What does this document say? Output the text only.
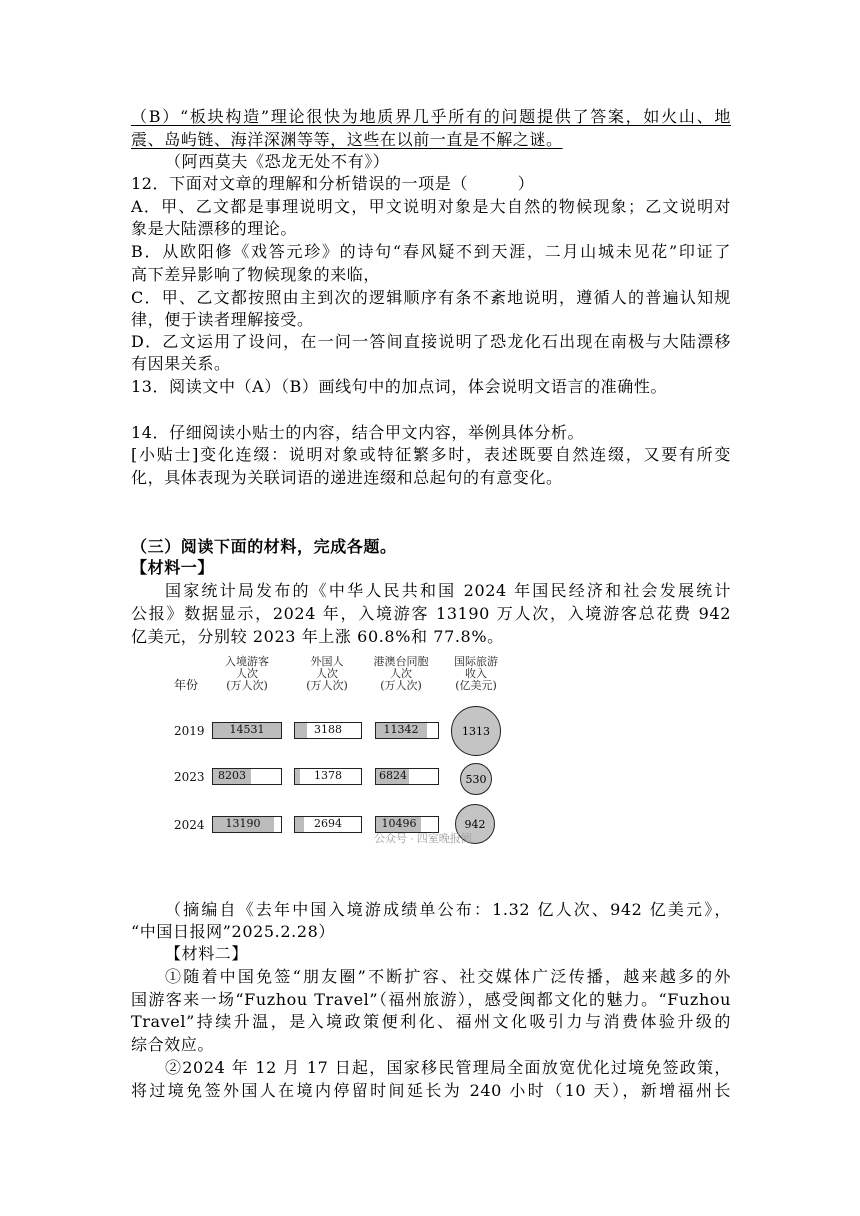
（B）“板块构造”理论很快为地质界几乎所有的问题提供了答案，如火山、地
震、岛屿链、海洋深渊等等，这些在以前一直是不解之谜。
（阿西莫夫《恐龙无处不有》）
12．下面对文章的理解和分析错误的一项是（　　　）
A．甲、乙文都是事理说明文，甲文说明对象是大自然的物候现象；乙文说明对
象是大陆漂移的理论。
B．从欧阳修《戏答元珍》的诗句“春风疑不到天涯，二月山城未见花”印证了
高下差异影响了物候现象的来临，
C．甲、乙文都按照由主到次的逻辑顺序有条不紊地说明，遵循人的普遍认知规
律，便于读者理解接受。
D．乙文运用了设问，在一问一答间直接说明了恐龙化石出现在南极与大陆漂移
有因果关系。
13．阅读文中（A）（B）画线句中的加点词，体会说明文语言的准确性。
14．仔细阅读小贴士的内容，结合甲文内容，举例具体分析。
[小贴士]变化连缀：说明对象或特征繁多时，表述既要自然连缀，又要有所变
化，具体表现为关联词语的递进连缀和总起句的有意变化。
（三）阅读下面的材料，完成各题。
【材料一】
国家统计局发布的《中华人民共和国 2024 年国民经济和社会发展统计
公报》数据显示，2024 年，入境游客 13190 万人次，入境游客总花费 942
亿美元，分别较 2023 年上涨 60.8%和 77.8%。
年份
入境游客
人次
(万人次)
外国人
人次
(万人次)
港澳台同胞
人次
(万人次)
国际旅游
收入
(亿美元)
2019	14531	3188	11342	1313
2023	8203	1378	6824	530
2024	13190	2694	10496	942
公众号 · 四室晚报阅
（摘编自《去年中国入境游成绩单公布：1.32 亿人次、942 亿美元》，
“中国日报网”2025.2.28）
【材料二】
①随着中国免签“朋友圈”不断扩容、社交媒体广泛传播，越来越多的外
国游客来一场“Fuzhou Travel”（福州旅游），感受闽都文化的魅力。“Fuzhou
Travel”持续升温，是入境政策便利化、福州文化吸引力与消费体验升级的
综合效应。
②2024 年 12 月 17 日起，国家移民管理局全面放宽优化过境免签政策，
将过境免签外国人在境内停留时间延长为 240 小时（10 天），新增福州长
